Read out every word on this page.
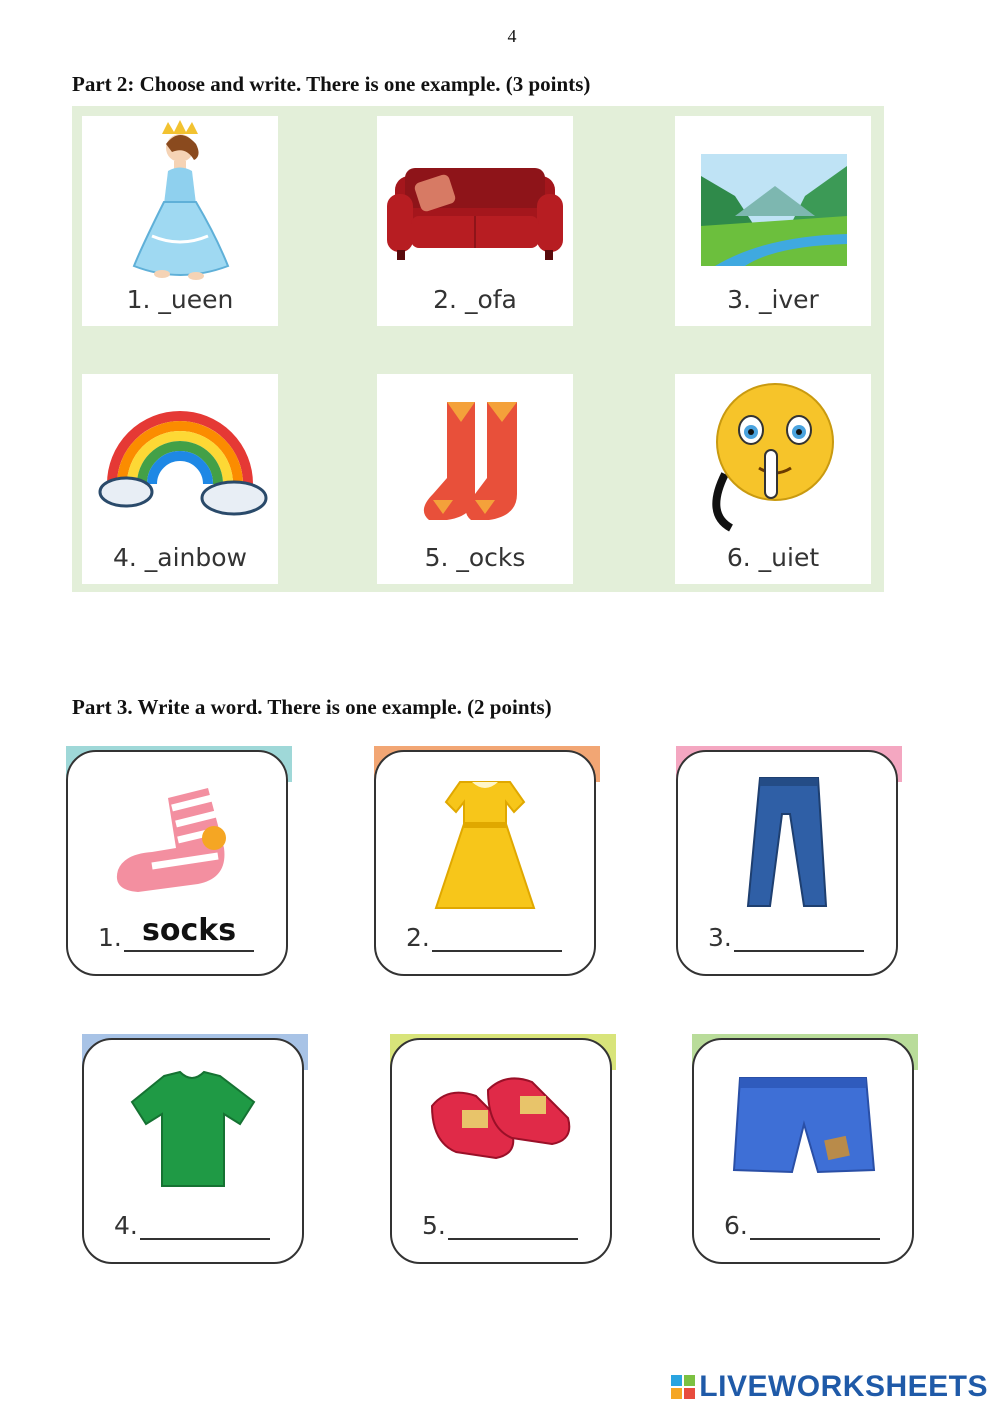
4
Part 2: Choose and write. There is one example. (3 points)
1. _ueen	2. _ofa	3. _iver
4. _ainbow	5. _ocks	6. _uiet
Part 3. Write a word. There is one example. (2 points)
1. socks	2.	3.
4.	5.	6.
LIVEWORKSHEETS
